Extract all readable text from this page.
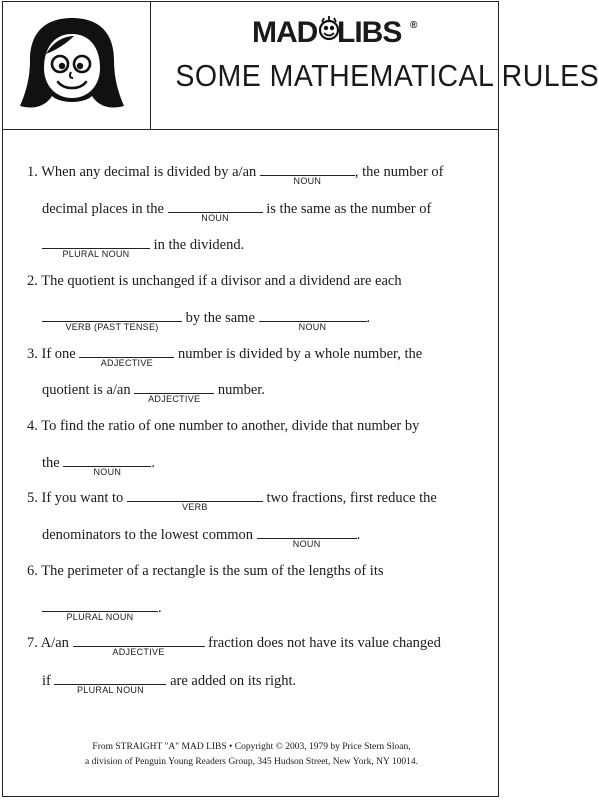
MAD LIBS ®
SOME MATHEMATICAL RULES
1. When any decimal is divided by a/an
NOUN
, the number of
decimal places in the
NOUN
is the same as the number of
PLURAL NOUN
in the dividend.
2. The quotient is unchanged if a divisor and a dividend are each
VERB (PAST TENSE)
by the same
NOUN
.
3. If one
ADJECTIVE
number is divided by a whole number, the
quotient is a/an
ADJECTIVE
number.
4. To find the ratio of one number to another, divide that number by
the
NOUN
.
5. If you want to
VERB
two fractions, first reduce the
denominators to the lowest common
NOUN
.
6. The perimeter of a rectangle is the sum of the lengths of its
PLURAL NOUN
.
7. A/an
ADJECTIVE
fraction does not have its value changed
if
PLURAL NOUN
are added on its right.
From STRAIGHT "A" MAD LIBS • Copyright © 2003, 1979 by Price Stern Sloan,
a division of Penguin Young Readers Group, 345 Hudson Street, New York, NY 10014.
